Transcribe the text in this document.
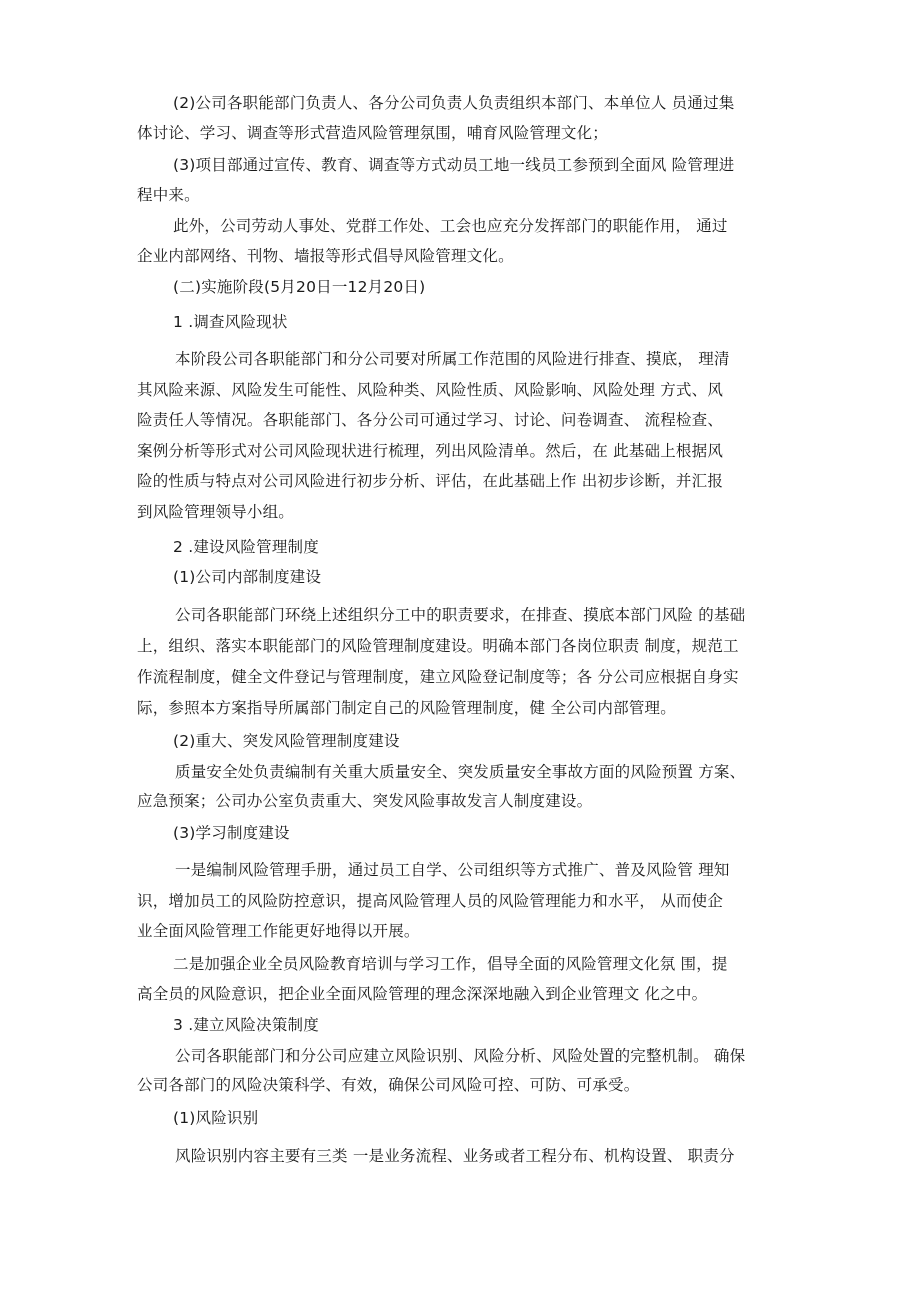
(2)公司各职能部门负责人、各分公司负责人负责组织本部门、本单位人 员通过集
体讨论、学习、调查等形式营造风险管理氛围，哺育风险管理文化；
(3)项目部通过宣传、教育、调查等方式动员工地一线员工参预到全面风 险管理进
程中来。
此外，公司劳动人事处、党群工作处、工会也应充分发挥部门的职能作用， 通过
企业内部网络、刊物、墙报等形式倡导风险管理文化。
(二)实施阶段(5月20日一12月20日)
1 .调查风险现状
本阶段公司各职能部门和分公司要对所属工作范围的风险进行排查、摸底， 理清
其风险来源、风险发生可能性、风险种类、风险性质、风险影响、风险处理 方式、风
险责任人等情况。各职能部门、各分公司可通过学习、讨论、问卷调查、 流程检查、
案例分析等形式对公司风险现状进行梳理，列出风险清单。然后，在 此基础上根据风
险的性质与特点对公司风险进行初步分析、评估，在此基础上作 出初步诊断，并汇报
到风险管理领导小组。
2 .建设风险管理制度
(1)公司内部制度建设
公司各职能部门环绕上述组织分工中的职责要求，在排查、摸底本部门风险 的基础
上，组织、落实本职能部门的风险管理制度建设。明确本部门各岗位职责 制度，规范工
作流程制度，健全文件登记与管理制度，建立风险登记制度等；各 分公司应根据自身实
际，参照本方案指导所属部门制定自己的风险管理制度，健 全公司内部管理。
(2)重大、突发风险管理制度建设
质量安全处负责编制有关重大质量安全、突发质量安全事故方面的风险预置 方案、
应急预案；公司办公室负责重大、突发风险事故发言人制度建设。
(3)学习制度建设
一是编制风险管理手册，通过员工自学、公司组织等方式推广、普及风险管 理知
识，增加员工的风险防控意识，提高风险管理人员的风险管理能力和水平， 从而使企
业全面风险管理工作能更好地得以开展。
二是加强企业全员风险教育培训与学习工作，倡导全面的风险管理文化氛 围，提
高全员的风险意识，把企业全面风险管理的理念深深地融入到企业管理文 化之中。
3 .建立风险决策制度
公司各职能部门和分公司应建立风险识别、风险分析、风险处置的完整机制。 确保
公司各部门的风险决策科学、有效，确保公司风险可控、可防、可承受。
(1)风险识别
风险识别内容主要有三类 一是业务流程、业务或者工程分布、机构设置、 职责分
